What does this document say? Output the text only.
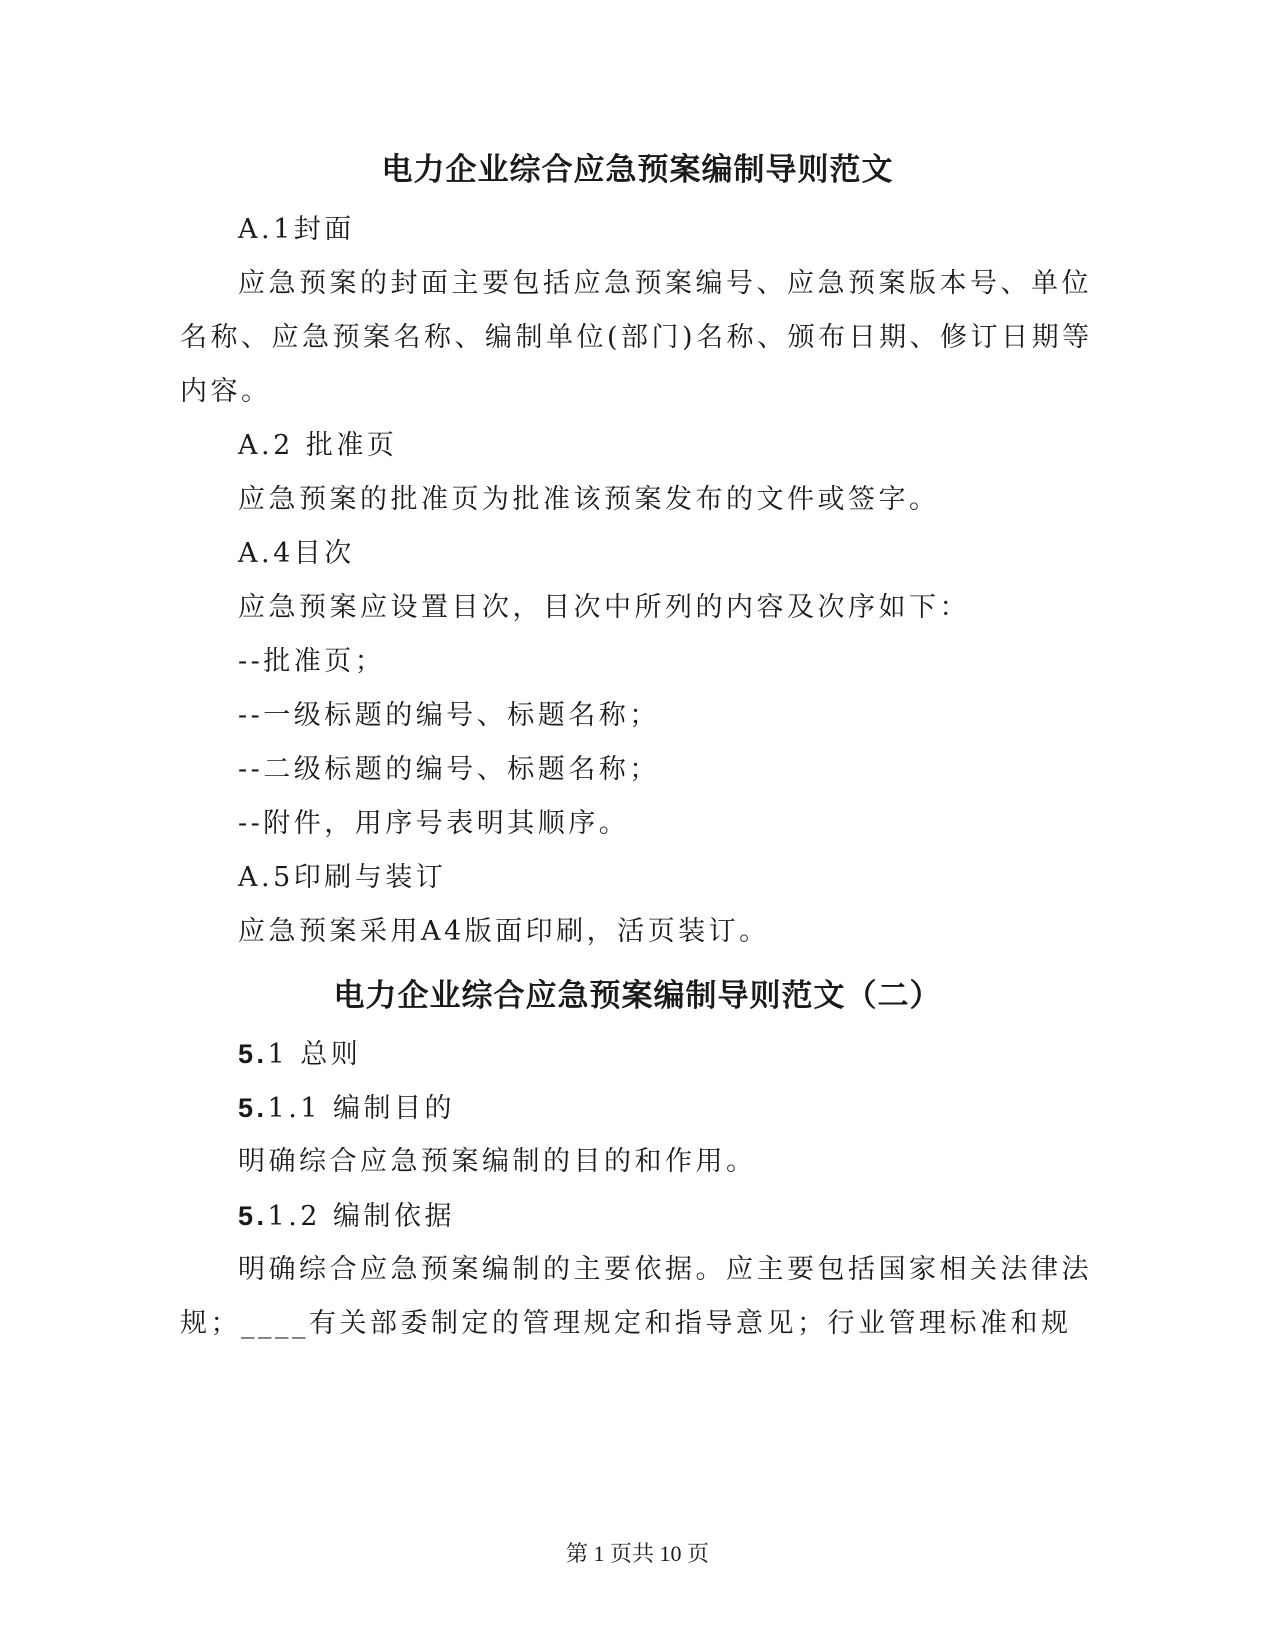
电力企业综合应急预案编制导则范文
A.1封面
应急预案的封面主要包括应急预案编号、应急预案版本号、单位
名称、应急预案名称、编制单位(部门)名称、颁布日期、修订日期等
内容。
A.2 批准页
应急预案的批准页为批准该预案发布的文件或签字。
A.4目次
应急预案应设置目次，目次中所列的内容及次序如下：
--批准页；
--一级标题的编号、标题名称；
--二级标题的编号、标题名称；
--附件，用序号表明其顺序。
A.5印刷与装订
应急预案采用A4版面印刷，活页装订。
电力企业综合应急预案编制导则范文（二）
5.1 总则
5.1.1 编制目的
明确综合应急预案编制的目的和作用。
5.1.2 编制依据
明确综合应急预案编制的主要依据。应主要包括国家相关法律法
规；____有关部委制定的管理规定和指导意见；行业管理标准和规
第 1 页共 10 页
